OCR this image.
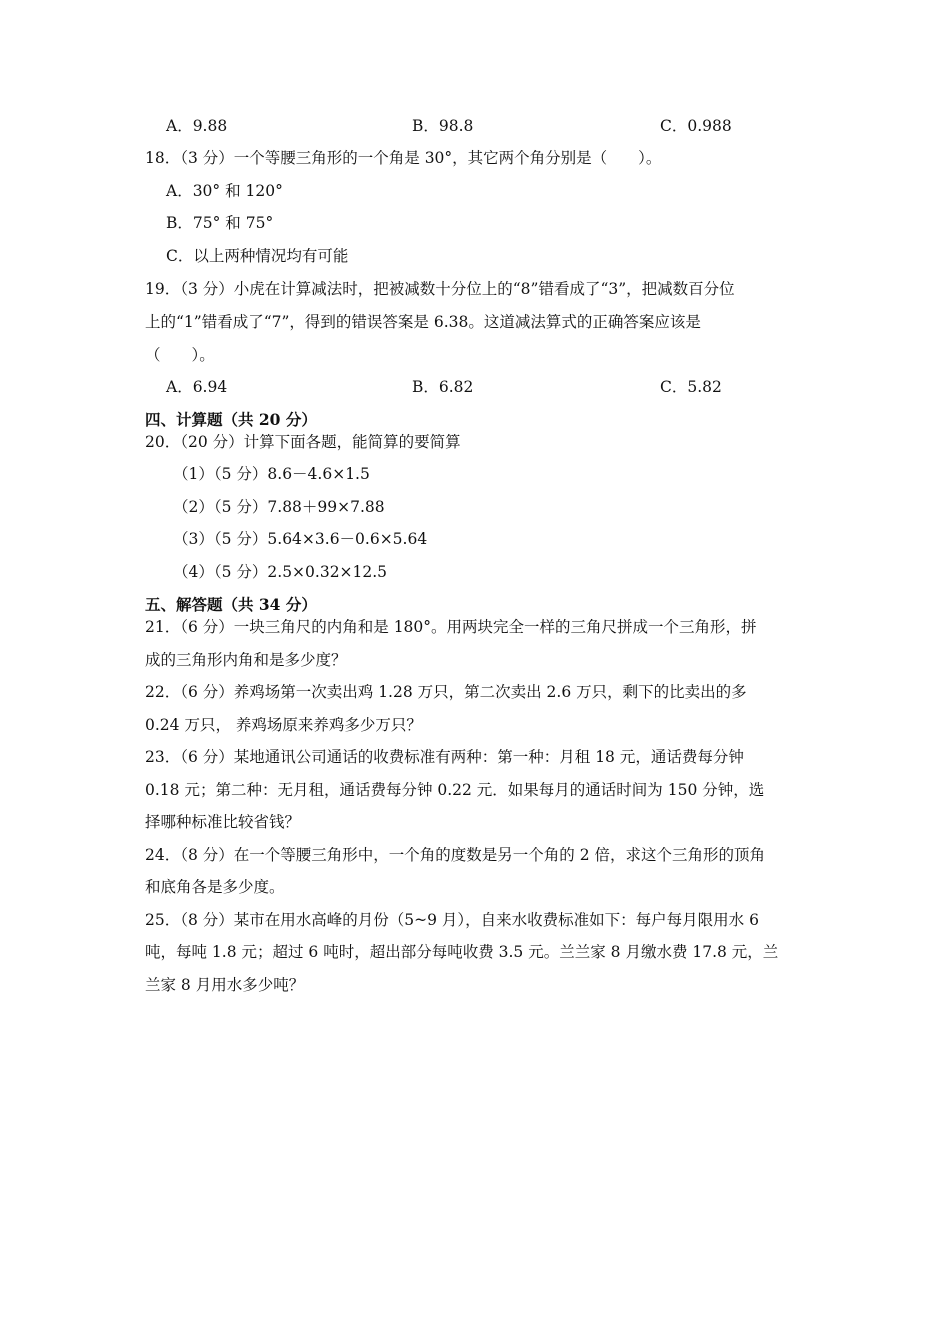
A．9.88	B．98.8	C．0.988
18．（3 分）一个等腰三角形的一个角是 30°，其它两个角分别是（　　）。
A．30° 和 120°
B．75° 和 75°
C．以上两种情况均有可能
19．（3 分）小虎在计算减法时，把被减数十分位上的“8”错看成了“3”，把减数百分位
上的“1”错看成了“7”，得到的错误答案是 6.38。这道减法算式的正确答案应该是
（　　）。
A．6.94	B．6.82	C．5.82
四、计算题（共 20 分）
20．（20 分）计算下面各题，能简算的要简算
（1）（5 分）8.6－4.6×1.5
（2）（5 分）7.88＋99×7.88
（3）（5 分）5.64×3.6－0.6×5.64
（4）（5 分）2.5×0.32×12.5
五、解答题（共 34 分）
21．（6 分）一块三角尺的内角和是 180°。用两块完全一样的三角尺拼成一个三角形，拼
成的三角形内角和是多少度？
22．（6 分）养鸡场第一次卖出鸡 1.28 万只，第二次卖出 2.6 万只，剩下的比卖出的多
0.24 万只， 养鸡场原来养鸡多少万只？
23．（6 分）某地通讯公司通话的收费标准有两种：第一种：月租 18 元，通话费每分钟
0.18 元；第二种：无月租，通话费每分钟 0.22 元．如果每月的通话时间为 150 分钟，选
择哪种标准比较省钱？
24．（8 分）在一个等腰三角形中，一个角的度数是另一个角的 2 倍，求这个三角形的顶角
和底角各是多少度。
25．（8 分）某市在用水高峰的月份（5~9 月），自来水收费标准如下：每户每月限用水 6
吨，每吨 1.8 元；超过 6 吨时，超出部分每吨收费 3.5 元。兰兰家 8 月缴水费 17.8 元，兰
兰家 8 月用水多少吨？
